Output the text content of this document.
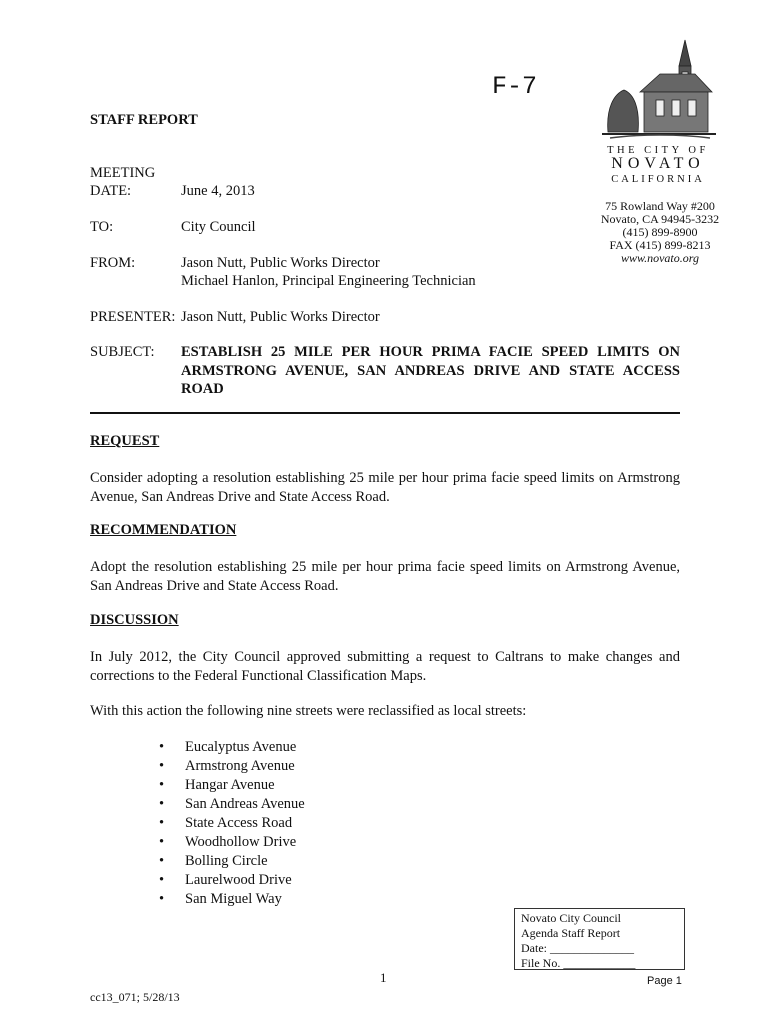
F-7
THE CITY OF
NOVATO
CALIFORNIA
75 Rowland Way #200
Novato, CA 94945-3232
(415) 899-8900
FAX (415) 899-8213
www.novato.org
STAFF REPORT
MEETING
DATE:	June 4, 2013
TO:	City Council
FROM:	Jason Nutt, Public Works Director
Michael Hanlon, Principal Engineering Technician
PRESENTER: Jason Nutt, Public Works Director
SUBJECT: ESTABLISH 25 MILE PER HOUR PRIMA FACIE SPEED LIMITS ON ARMSTRONG AVENUE, SAN ANDREAS DRIVE AND STATE ACCESS ROAD
REQUEST
Consider adopting a resolution establishing 25 mile per hour prima facie speed limits on Armstrong Avenue, San Andreas Drive and State Access Road.
RECOMMENDATION
Adopt the resolution establishing 25 mile per hour prima facie speed limits on Armstrong Avenue, San Andreas Drive and State Access Road.
DISCUSSION
In July 2012, the City Council approved submitting a request to Caltrans to make changes and corrections to the Federal Functional Classification Maps.
With this action the following nine streets were reclassified as local streets:
• Eucalyptus Avenue
• Armstrong Avenue
• Hangar Avenue
• San Andreas Avenue
• State Access Road
• Woodhollow Drive
• Bolling Circle
• Laurelwood Drive
• San Miguel Way
Novato City Council
Agenda Staff Report
Date: ______________
File No. ____________
1	Page 1
cc13_071; 5/28/13
